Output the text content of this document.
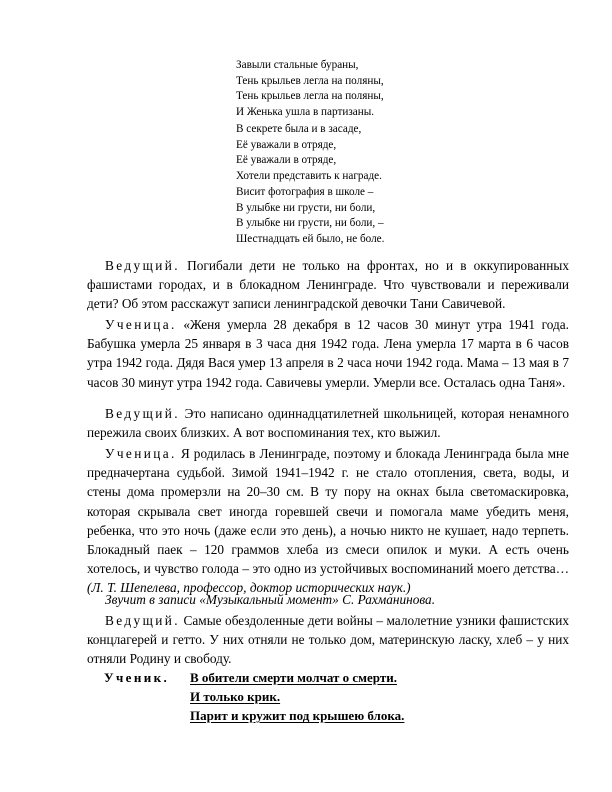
Завыли стальные бураны,
Тень крыльев легла на поляны,
Тень крыльев легла на поляны,
И Женька ушла в партизаны.
В секрете была и в засаде,
Её уважали в отряде,
Её уважали в отряде,
Хотели представить к награде.
Висит фотография в школе –
В улыбке ни грусти, ни боли,
В улыбке ни грусти, ни боли, –
Шестнадцать ей было, не боле.

Ведущий. Погибали дети не только на фронтах, но и в оккупированных фашистами городах, и в блокадном Ленинграде. Что чувствовали и переживали дети? Об этом расскажут записи ленинградской девочки Тани Савичевой.

Ученица. «Женя умерла 28 декабря в 12 часов 30 минут утра 1941 года. Бабушка умерла 25 января в 3 часа дня 1942 года. Лена умерла 17 марта в 6 часов утра 1942 года. Дядя Вася умер 13 апреля в 2 часа ночи 1942 года. Мама – 13 мая в 7 часов 30 минут утра 1942 года. Савичевы умерли. Умерли все. Осталась одна Таня».

Ведущий. Это написано одиннадцатилетней школьницей, которая ненамного пережила своих близких. А вот воспоминания тех, кто выжил.

Ученица. Я родилась в Ленинграде, поэтому и блокада Ленинграда была мне предначертана судьбой. Зимой 1941–1942 г. не стало отопления, света, воды, и стены дома промерзли на 20–30 см. В ту пору на окнах была светомаскировка, которая скрывала свет иногда горевшей свечи и помогала маме убедить меня, ребенка, что это ночь (даже если это день), а ночью никто не кушает, надо терпеть. Блокадный паек – 120 граммов хлеба из смеси опилок и муки. А есть очень хотелось, и чувство голода – это одно из устойчивых воспоминаний моего детства… (Л. Т. Шепелева, профессор, доктор исторических наук.)

Звучит в записи «Музыкальный момент» С. Рахманинова.

Ведущий. Самые обездоленные дети войны – малолетние узники фашистских концлагерей и гетто. У них отняли не только дом, материнскую ласку, хлеб – у них отняли Родину и свободу.

Ученик. В обители смерти молчат о смерти.
И только крик.
Парит и кружит под крышею блока.
